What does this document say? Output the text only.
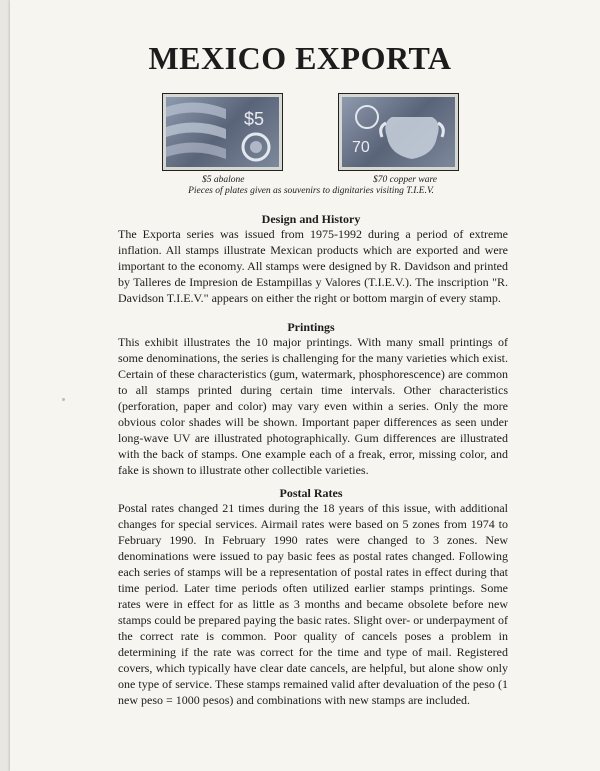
MEXICO EXPORTA
$5
70
$5 abalone	$70 copper ware
Pieces of plates given as souvenirs to dignitaries visiting T.I.E.V.
Design and History

The Exporta series was issued from 1975-1992 during a period of extreme inflation. All stamps illustrate Mexican products which are exported and were important to the economy. All stamps were designed by R. Davidson and printed by Talleres de Impresion de Estampillas y Valores (T.I.E.V.). The inscription "R. Davidson T.I.E.V." appears on either the right or bottom margin of every stamp.

Printings

This exhibit illustrates the 10 major printings. With many small printings of some denominations, the series is challenging for the many varieties which exist. Certain of these characteristics (gum, watermark, phosphorescence) are common to all stamps printed during certain time intervals. Other characteristics (perforation, paper and color) may vary even within a series. Only the more obvious color shades will be shown. Important paper differences as seen under long-wave UV are illustrated photographically. Gum differences are illustrated with the back of stamps. One example each of a freak, error, missing color, and fake is shown to illustrate other collectible varieties.

Postal Rates

Postal rates changed 21 times during the 18 years of this issue, with additional changes for special services. Airmail rates were based on 5 zones from 1974 to February 1990. In February 1990 rates were changed to 3 zones. New denominations were issued to pay basic fees as postal rates changed. Following each series of stamps will be a representation of postal rates in effect during that time period. Later time periods often utilized earlier stamps printings. Some rates were in effect for as little as 3 months and became obsolete before new stamps could be prepared paying the basic rates. Slight over- or underpayment of the correct rate is common. Poor quality of cancels poses a problem in determining if the rate was correct for the time and type of mail. Registered covers, which typically have clear date cancels, are helpful, but alone show only one type of service. These stamps remained valid after devaluation of the peso (1 new peso = 1000 pesos) and combinations with new stamps are included.
